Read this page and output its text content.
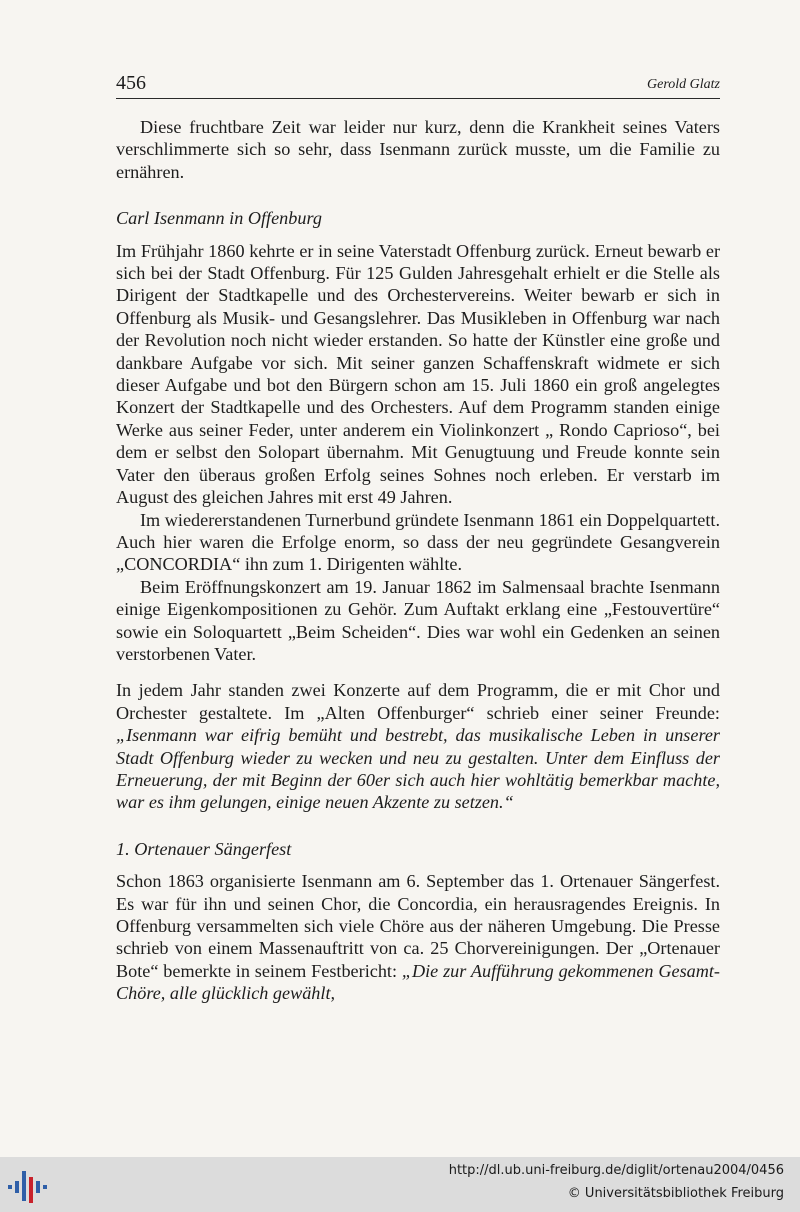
456	Gerold Glatz

Diese fruchtbare Zeit war leider nur kurz, denn die Krankheit seines Vaters verschlimmerte sich so sehr, dass Isenmann zurück musste, um die Familie zu ernähren.

Carl Isenmann in Offenburg

Im Frühjahr 1860 kehrte er in seine Vaterstadt Offenburg zurück. Erneut bewarb er sich bei der Stadt Offenburg. Für 125 Gulden Jahresgehalt erhielt er die Stelle als Dirigent der Stadtkapelle und des Orchestervereins. Weiter bewarb er sich in Offenburg als Musik- und Gesangslehrer. Das Musikleben in Offenburg war nach der Revolution noch nicht wieder erstanden. So hatte der Künstler eine große und dankbare Aufgabe vor sich. Mit seiner ganzen Schaffenskraft widmete er sich dieser Aufgabe und bot den Bürgern schon am 15. Juli 1860 ein groß angelegtes Konzert der Stadtkapelle und des Orchesters. Auf dem Programm standen einige Werke aus seiner Feder, unter anderem ein Violinkonzert „ Rondo Caprioso“, bei dem er selbst den Solopart übernahm. Mit Genugtuung und Freude konnte sein Vater den überaus großen Erfolg seines Sohnes noch erleben. Er verstarb im August des gleichen Jahres mit erst 49 Jahren.

Im wiedererstandenen Turnerbund gründete Isenmann 1861 ein Doppelquartett. Auch hier waren die Erfolge enorm, so dass der neu gegründete Gesangverein „CONCORDIA“ ihn zum 1. Dirigenten wählte.

Beim Eröffnungskonzert am 19. Januar 1862 im Salmensaal brachte Isenmann einige Eigenkompositionen zu Gehör. Zum Auftakt erklang eine „Festouvertüre“ sowie ein Soloquartett „Beim Scheiden“. Dies war wohl ein Gedenken an seinen verstorbenen Vater.

In jedem Jahr standen zwei Konzerte auf dem Programm, die er mit Chor und Orchester gestaltete. Im „Alten Offenburger“ schrieb einer seiner Freunde: „Isenmann war eifrig bemüht und bestrebt, das musikalische Leben in unserer Stadt Offenburg wieder zu wecken und neu zu gestalten. Unter dem Einfluss der Erneuerung, der mit Beginn der 60er sich auch hier wohltätig bemerkbar machte, war es ihm gelungen, einige neuen Akzente zu setzen.“

1. Ortenauer Sängerfest

Schon 1863 organisierte Isenmann am 6. September das 1. Ortenauer Sängerfest. Es war für ihn und seinen Chor, die Concordia, ein herausragendes Ereignis. In Offenburg versammelten sich viele Chöre aus der näheren Umgebung. Die Presse schrieb von einem Massenauftritt von ca. 25 Chorvereinigungen. Der „Ortenauer Bote“ bemerkte in seinem Festbericht: „Die zur Aufführung gekommenen Gesamt-Chöre, alle glücklich gewählt,

http://dl.ub.uni-freiburg.de/diglit/ortenau2004/0456
© Universitätsbibliothek Freiburg
